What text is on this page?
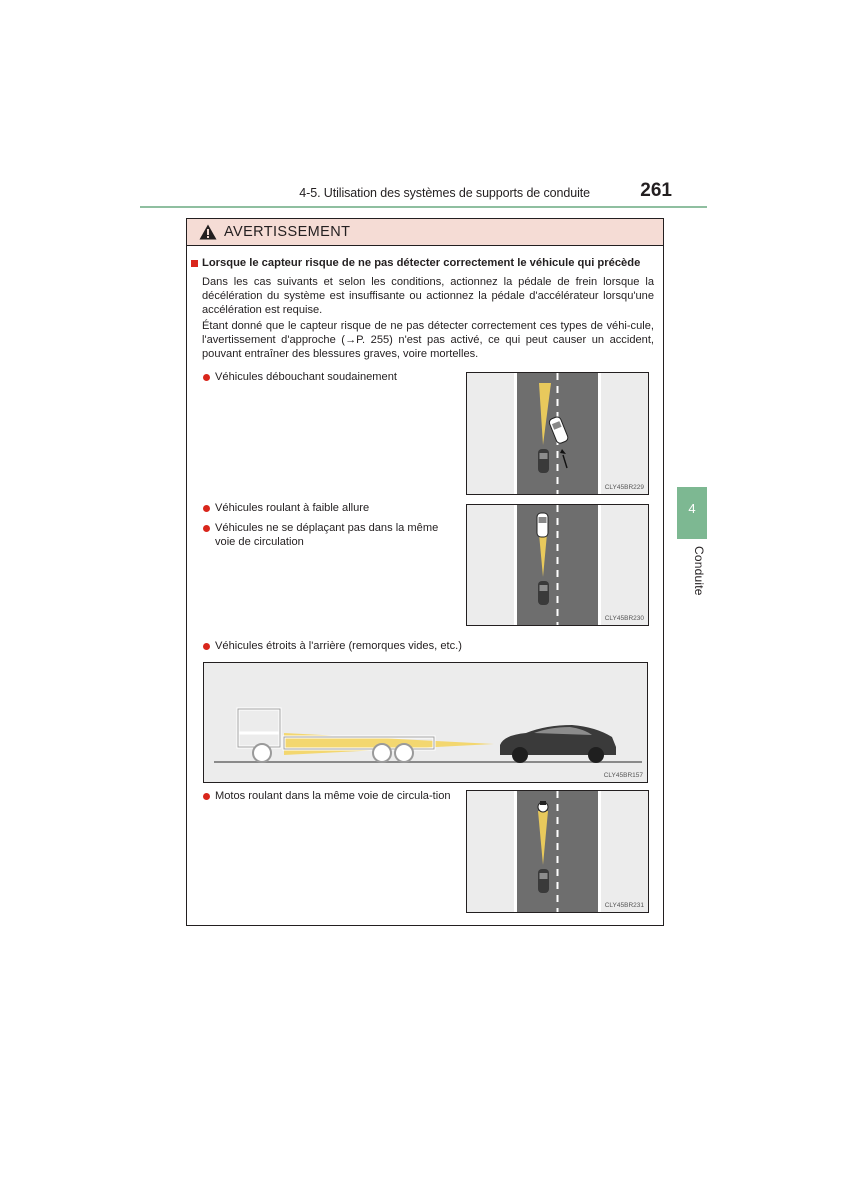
4-5. Utilisation des systèmes de supports de conduite	261
4
Conduite
AVERTISSEMENT
Lorsque le capteur risque de ne pas détecter correctement le véhicule qui précède
Dans les cas suivants et selon les conditions, actionnez la pédale de frein lorsque la décélération du système est insuffisante ou actionnez la pédale d'accélérateur lorsqu'une accélération est requise.
Étant donné que le capteur risque de ne pas détecter correctement ces types de véhi-cule, l'avertissement d'approche (→P. 255) n'est pas activé, ce qui peut causer un accident, pouvant entraîner des blessures graves, voire mortelles.
Véhicules débouchant soudainement
Véhicules roulant à faible allure
Véhicules ne se déplaçant pas dans la même voie de circulation
Véhicules étroits à l'arrière (remorques vides, etc.)
Motos roulant dans la même voie de circula-tion
CLY45BR229
CLY45BR230
CLY45BR157
CLY45BR231
